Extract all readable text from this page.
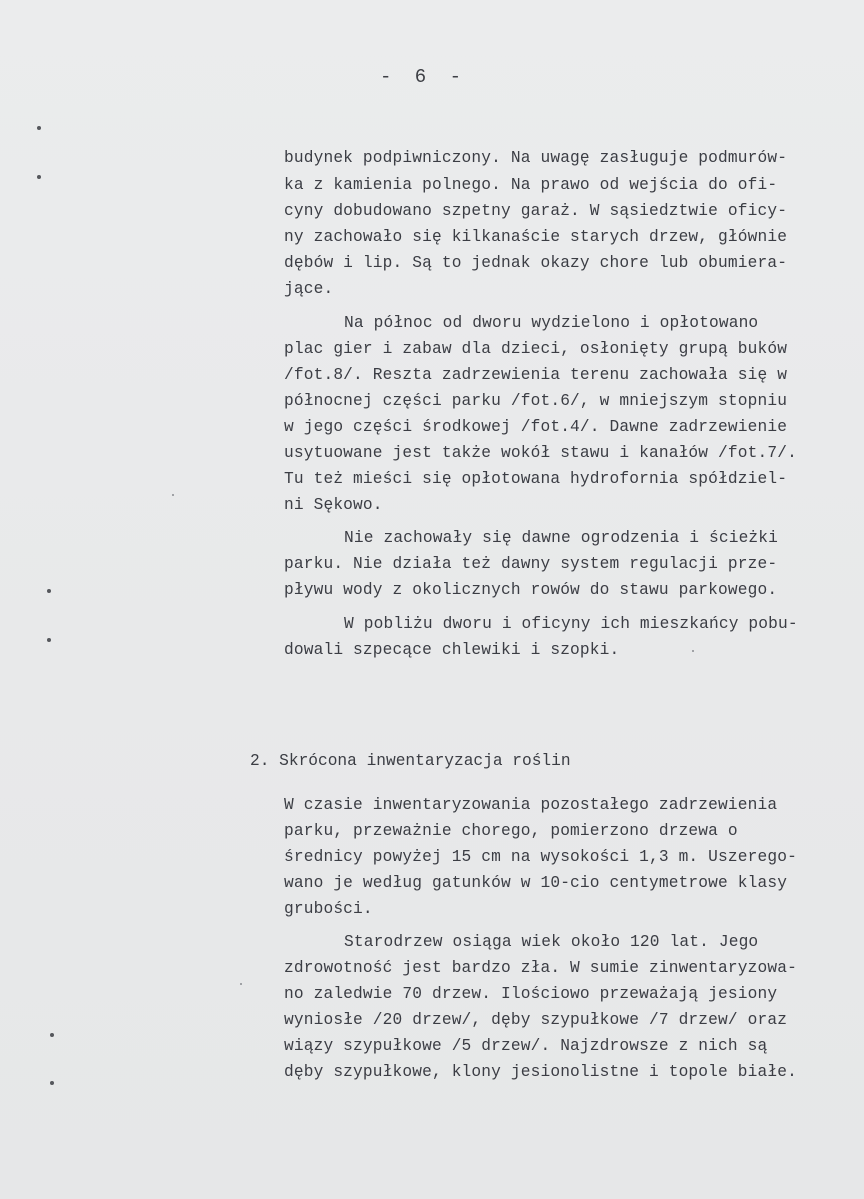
- 6 -
budynek podpiwniczony. Na uwagę zasługuje podmurów-
ka z kamienia polnego. Na prawo od wejścia do ofi-
cyny dobudowano szpetny garaż. W sąsiedztwie oficy-
ny zachowało się kilkanaście starych drzew, głównie
dębów i lip. Są to jednak okazy chore lub obumiera-
jące.
Na północ od dworu wydzielono i opłotowano
plac gier i zabaw dla dzieci, osłonięty grupą buków
/fot.8/. Reszta zadrzewienia terenu zachowała się w
północnej części parku /fot.6/, w mniejszym stopniu
w jego części środkowej /fot.4/. Dawne zadrzewienie
usytuowane jest także wokół stawu i kanałów /fot.7/.
Tu też mieści się opłotowana hydrofornia spółdziel-
ni Sękowo.
Nie zachowały się dawne ogrodzenia i ścieżki
parku. Nie działa też dawny system regulacji prze-
pływu wody z okolicznych rowów do stawu parkowego.
W pobliżu dworu i oficyny ich mieszkańcy pobu-
dowali szpecące chlewiki i szopki.
2. Skrócona inwentaryzacja roślin
W czasie inwentaryzowania pozostałego zadrzewienia
parku, przeważnie chorego, pomierzono drzewa o
średnicy powyżej 15 cm na wysokości 1,3 m. Uszerego-
wano je według gatunków w 10-cio centymetrowe klasy
grubości.
Starodrzew osiąga wiek około 120 lat. Jego
zdrowotność jest bardzo zła. W sumie zinwentaryzowa-
no zaledwie 70 drzew. Ilościowo przeważają jesiony
wyniosłe /20 drzew/, dęby szypułkowe /7 drzew/ oraz
wiązy szypułkowe /5 drzew/. Najzdrowsze z nich są
dęby szypułkowe, klony jesionolistne i topole białe.
